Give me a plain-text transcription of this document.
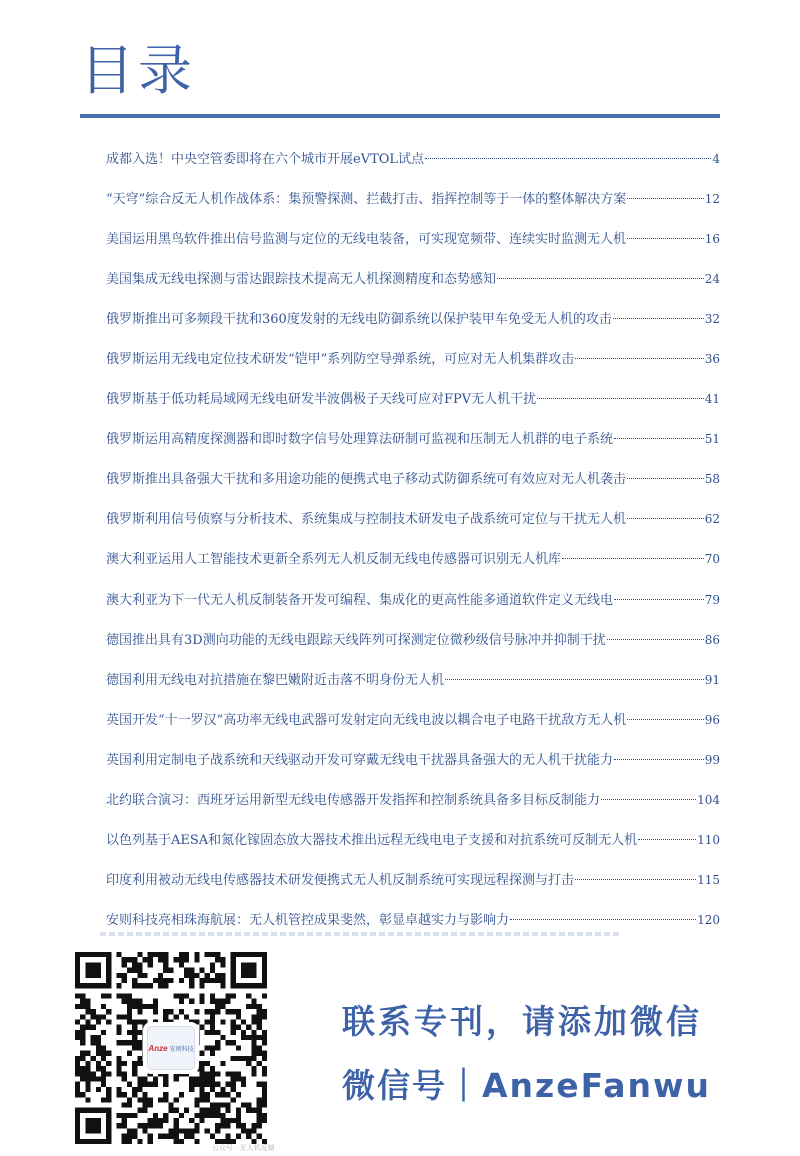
目录
成都入选！中央空管委即将在六个城市开展eVTOL试点	4
“天穹”综合反无人机作战体系：集预警探测、拦截打击、指挥控制等于一体的整体解决方案	12
美国运用黑鸟软件推出信号监测与定位的无线电装备，可实现宽频带、连续实时监测无人机	16
美国集成无线电探测与雷达跟踪技术提高无人机探测精度和态势感知	24
俄罗斯推出可多频段干扰和360度发射的无线电防御系统以保护装甲车免受无人机的攻击	32
俄罗斯运用无线电定位技术研发“铠甲”系列防空导弹系统，可应对无人机集群攻击	36
俄罗斯基于低功耗局域网无线电研发半波偶极子天线可应对FPV无人机干扰	41
俄罗斯运用高精度探测器和即时数字信号处理算法研制可监视和压制无人机群的电子系统	51
俄罗斯推出具备强大干扰和多用途功能的便携式电子移动式防御系统可有效应对无人机袭击	58
俄罗斯利用信号侦察与分析技术、系统集成与控制技术研发电子战系统可定位与干扰无人机	62
澳大利亚运用人工智能技术更新全系列无人机反制无线电传感器可识别无人机库	70
澳大利亚为下一代无人机反制装备开发可编程、集成化的更高性能多通道软件定义无线电	79
德国推出具有3D测向功能的无线电跟踪天线阵列可探测定位微秒级信号脉冲并抑制干扰	86
德国利用无线电对抗措施在黎巴嫩附近击落不明身份无人机	91
英国开发“十一罗汉”高功率无线电武器可发射定向无线电波以耦合电子电路干扰敌方无人机	96
英国利用定制电子战系统和天线驱动开发可穿戴无线电干扰器具备强大的无人机干扰能力	99
北约联合演习：西班牙运用新型无线电传感器开发指挥和控制系统具备多目标反制能力	104
以色列基于AESA和氮化镓固态放大器技术推出远程无线电电子支援和对抗系统可反制无人机	110
印度利用被动无线电传感器技术研发便携式无人机反制系统可实现远程探测与打击	115
安则科技亮相珠海航展：无人机管控成果斐然，彰显卓越实力与影响力	120
Anze 安则科技
联系专刊，请添加微信
微信号｜AnzeFanwu
公众号 · 无人机反制
